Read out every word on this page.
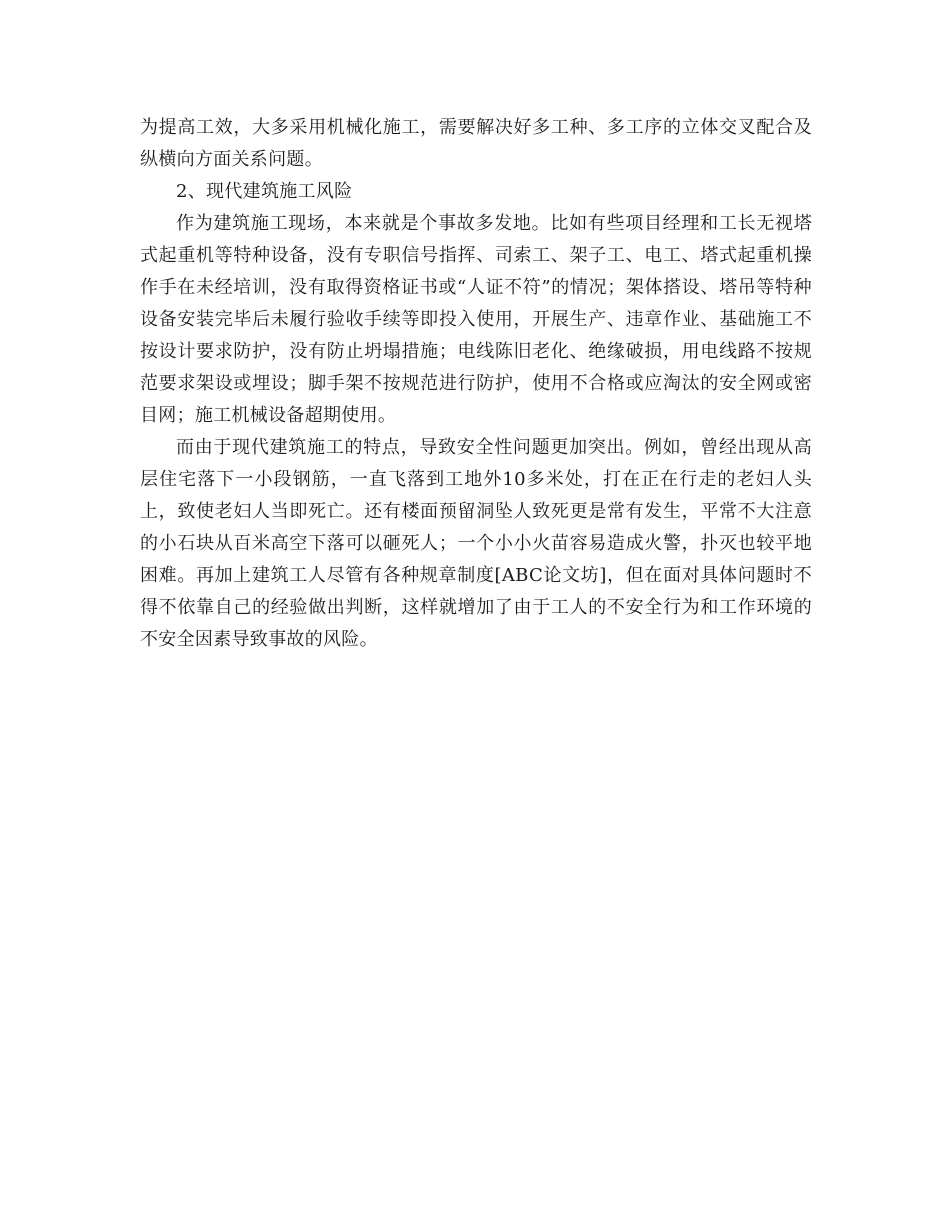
为提高工效，大多采用机械化施工，需要解决好多工种、多工序的立体交叉配合及纵横向方面关系问题。

2、现代建筑施工风险

作为建筑施工现场，本来就是个事故多发地。比如有些项目经理和工长无视塔式起重机等特种设备，没有专职信号指挥、司索工、架子工、电工、塔式起重机操作手在未经培训，没有取得资格证书或“人证不符”的情况；架体搭设、塔吊等特种设备安装完毕后未履行验收手续等即投入使用，开展生产、违章作业、基础施工不按设计要求防护，没有防止坍塌措施；电线陈旧老化、绝缘破损，用电线路不按规范要求架设或埋设；脚手架不按规范进行防护，使用不合格或应淘汰的安全网或密目网；施工机械设备超期使用。

而由于现代建筑施工的特点，导致安全性问题更加突出。例如，曾经出现从高层住宅落下一小段钢筋，一直飞落到工地外10多米处，打在正在行走的老妇人头上，致使老妇人当即死亡。还有楼面预留洞坠人致死更是常有发生，平常不大注意的小石块从百米高空下落可以砸死人；一个小小火苗容易造成火警，扑灭也较平地困难。再加上建筑工人尽管有各种规章制度[ABC论文坊]，但在面对具体问题时不得不依靠自己的经验做出判断，这样就增加了由于工人的不安全行为和工作环境的不安全因素导致事故的风险。
